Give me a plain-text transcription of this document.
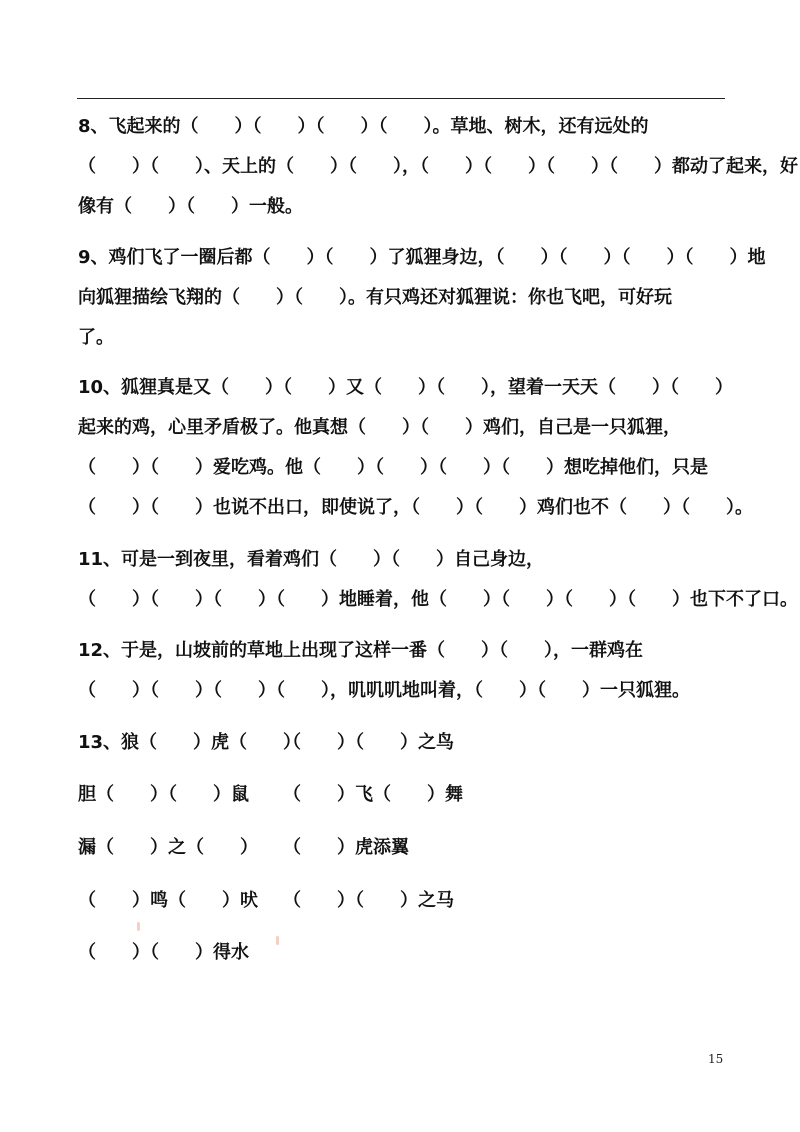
8、飞起来的（　　）（　　）（　　）（　　）。草地、树木，还有远处的
（　　）（　　）、天上的（　　）（　　），（　　）（　　）（　　）（　　）都动了起来，好
像有（　　）（　　）一般。
9、鸡们飞了一圈后都（　　）（　　）了狐狸身边，（　　）（　　）（　　）（　　）地
向狐狸描绘飞翔的（　　）（　　）。有只鸡还对狐狸说：你也飞吧，可好玩
了。
10、狐狸真是又（　　）（　　）又（　　）（　　），望着一天天（　　）（　　）
起来的鸡，心里矛盾极了。他真想（　　）（　　）鸡们，自己是一只狐狸，
（　　）（　　）爱吃鸡。他（　　）（　　）（　　）（　　）想吃掉他们，只是
（　　）（　　）也说不出口，即使说了，（　　）（　　）鸡们也不（　　）（　　）。
11、可是一到夜里，看着鸡们（　　）（　　）自己身边，
（　　）（　　）（　　）（　　）地睡着，他（　　）（　　）（　　）（　　）也下不了口。
12、于是，山坡前的草地上出现了这样一番（　　）（　　），一群鸡在
（　　）（　　）（　　）（　　），叽叽叽地叫着，（　　）（　　）一只狐狸。
13、狼（　　）虎（　　）
（　　）（　　）之鸟
胆（　　）（　　）鼠 （　　）飞（　　）舞
漏（　　）之（　　） （　　）虎添翼
（　　）鸣（　　）吠 （　　）（　　）之马
（　　）（　　）得水
15
